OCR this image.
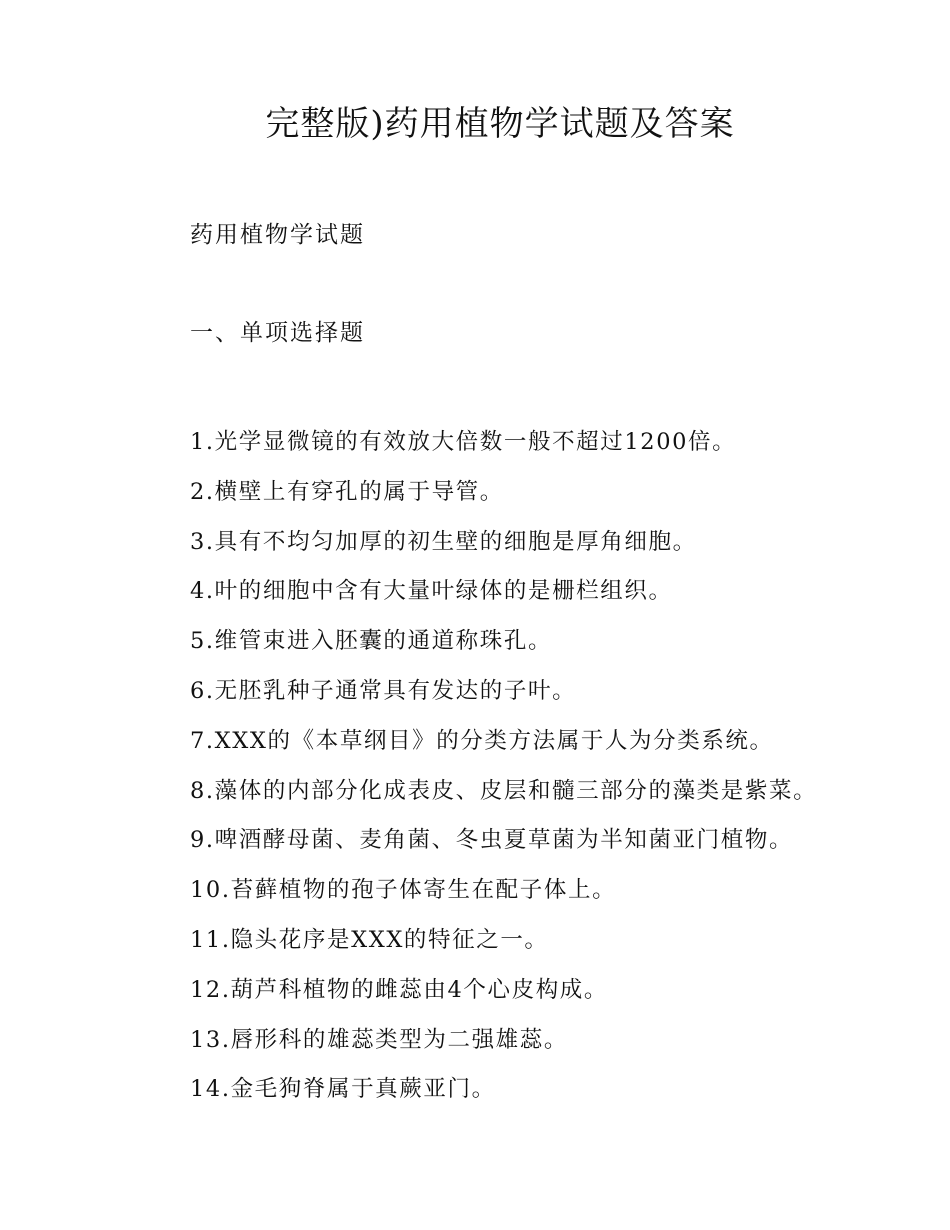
完整版)药用植物学试题及答案

药用植物学试题

一、单项选择题

1.光学显微镜的有效放大倍数一般不超过1200倍。
2.横壁上有穿孔的属于导管。
3.具有不均匀加厚的初生壁的细胞是厚角细胞。
4.叶的细胞中含有大量叶绿体的是栅栏组织。
5.维管束进入胚囊的通道称珠孔。
6.无胚乳种子通常具有发达的子叶。
7.XXX的《本草纲目》的分类方法属于人为分类系统。
8.藻体的内部分化成表皮、皮层和髓三部分的藻类是紫菜。
9.啤酒酵母菌、麦角菌、冬虫夏草菌为半知菌亚门植物。
10.苔藓植物的孢子体寄生在配子体上。
11.隐头花序是XXX的特征之一。
12.葫芦科植物的雌蕊由4个心皮构成。
13.唇形科的雄蕊类型为二强雄蕊。
14.金毛狗脊属于真蕨亚门。
